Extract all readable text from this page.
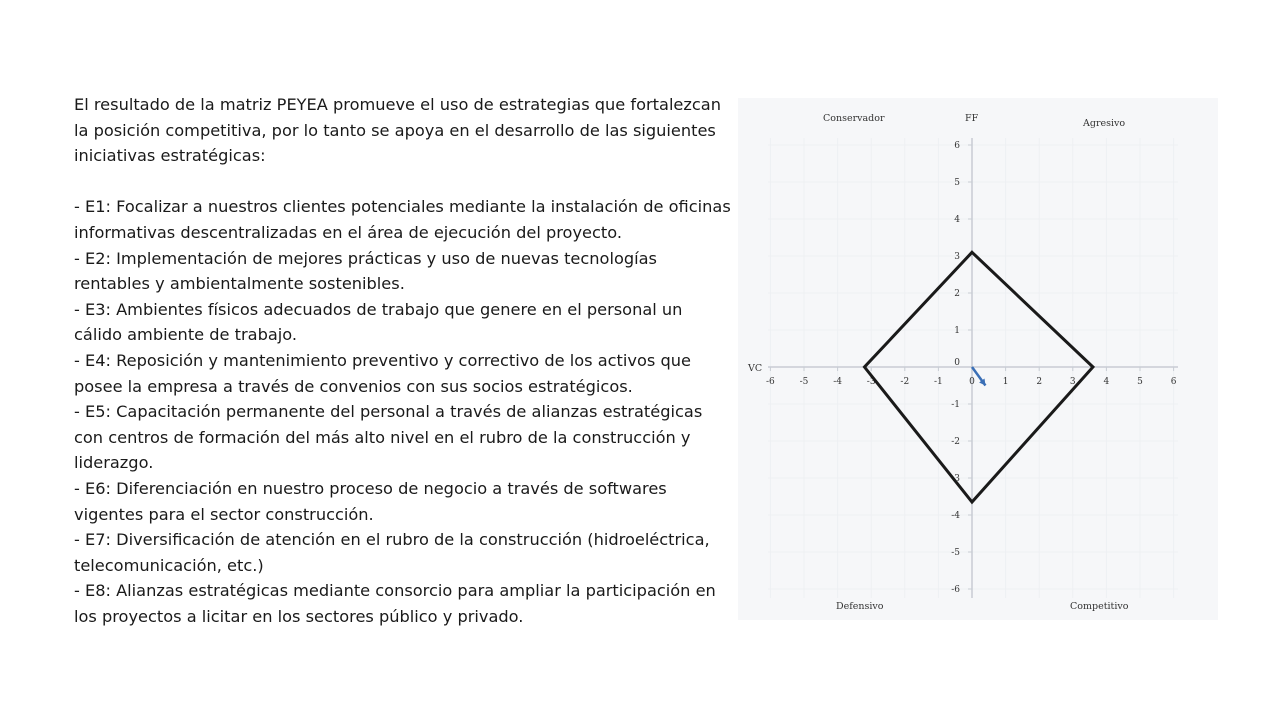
El resultado de la matriz PEYEA promueve el uso de estrategias que fortalezcan la posición competitiva, por lo tanto se apoya en el desarrollo de las siguientes iniciativas estratégicas:

- E1: Focalizar a nuestros clientes potenciales mediante la instalación de oficinas informativas descentralizadas en el área de ejecución del proyecto.

- E2: Implementación de mejores prácticas y uso de nuevas tecnologías rentables y ambientalmente sostenibles.

- E3: Ambientes físicos adecuados de trabajo que genere en el personal un cálido ambiente de trabajo.

- E4: Reposición y mantenimiento preventivo y correctivo de los activos que posee la empresa a través de convenios con sus socios estratégicos.

- E5: Capacitación permanente del personal a través de alianzas estratégicas con centros de formación del más alto nivel en el rubro de la construcción y liderazgo.

- E6: Diferenciación en nuestro proceso de negocio a través de softwares vigentes para el sector construcción.

- E7: Diversificación de atención en el rubro de la construcción (hidroeléctrica, telecomunicación, etc.)

- E8: Alianzas estratégicas mediante consorcio para ampliar la participación en los proyectos a licitar en los sectores público y privado.

-6	-5	-4	-3	-2	-1	0	1	2	3	4	5	6
6
5
4
3
2
1
-1
-2
-3
-4
-5
-6
0
Conservador	Agresivo
Defensivo	Competitivo
FF
VC
